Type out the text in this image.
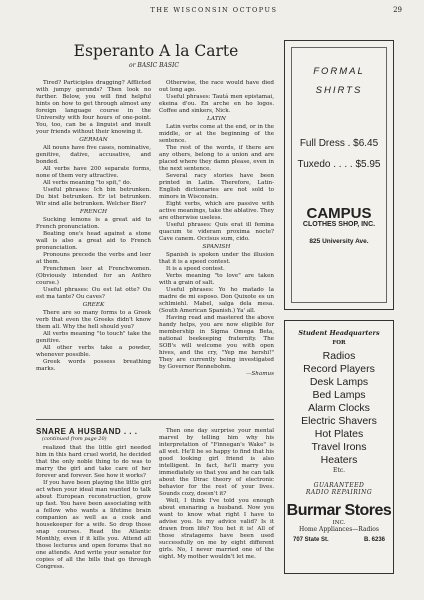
THE WISCONSIN OCTOPUS	29
Esperanto A la Carte
or BASIC BASIC

Tired? Participles dragging? Afflicted with jumpy gerunds? Then look no further. Below, you will find helpful hints on how to get through almost any foreign language course in the University with four hours of one-point. You, too, can be a linguist and insult your friends without their knowing it.

GERMAN

All nouns have five cases, nominative, genitive, dative, accusative, and bonded.

All verbs have 200 separate forms, none of them very attractive.

All verbs meaning "to spit," do.

Useful phrases: Ich bin betrunken. Du bist betrunken. Er ist betrunken. Wir sind alle betrunken. Welcher Bier?

FRENCH

Sucking lemons is a great aid to French pronunciation.

Beating one's head against a stone wall is also a great aid to French pronunciation.

Pronouns precede the verbs and leer at them.

Frenchmen leer at Frenchwomen. (Obviously intended for an Anthro course.)

Useful phrases: Ou est lat otte? Ou est ma tante? Ou caves?

GREEK

There are so many forms to a Greek verb that even the Greeks didn't know them all. Why the hell should you?

All verbs meaning "to touch" take the genitive.

All other verbs take a powder, whenever possible.

Greek words possess breathing marks.

Otherwise, the race would have died out long ago.

Useful phrases: Tautá men epistamai, ekeina d'ou. En arche en ho logos. Coffee and sinkers, Nick.

LATIN

Latin verbs come at the end, or in the middle, or at the beginning of the sentence.

The rest of the words, if there are any others, belong to a union and are placed where they damn please, even in the next sentence.

Several racy stories have been printed in Latin. Therefore, Latin-English dictionaries are not sold to minors in Wisconsin.

Eight verbs, which are passive with active meanings, take the ablative. They are otherwise useless.

Useful phrases: Quis erat ill femina quacum te videram proxima nocte? Cave canem. Occisus sum, cido.

SPANISH

Spanish is spoken under the illusion that it is a speed contest.

It is a speed contest.

Verbs meaning "to love" are taken with a grain of salt.

Useful phrases: Yo ho matado la madre de mi esposo. Don Quixote es un schlmiehl. Mabel, salga dela mesa. (South American Spanish.) Ya' all.

Having read and mastered the above handy helps, you are now eligible for membership in Sigma Omega Beta, national beekeeping fraternity. The SOB's will welcome you with open hives, and the cry, "Yep me hershi!" They are currently being investigated by Governor Rennebohm.

—Shamus

SNARE A HUSBAND . . .
(continued from page 20)

realized that the little girl needed him in this hard cruel world, he decided that the only noble thing to do was to marry the girl and take care of her forever and forever. See how it works?

If you have been playing the little girl act when your ideal man wanted to talk about European reconstruction, grow up fast. You have been associating with a fellow who wants a lifetime brain companion as well as a cook and housekeeper for a wife. So drop those snap courses. Read the Atlantic Monthly, even if it kills you. Attend all those lectures and open forums that no one attends. And write your senator for copies of all the bills that go through Congress.

Then one day surprise your mental marvel by telling him why his interpretation of "Finnegan's Wake" is all wet. He'll be so happy to find that his good looking girl friend is also intelligent. In fact, he'll marry you immediately so that you and he can talk about the Dirac theory of electronic behavior for the rest of your lives. Sounds cozy, doesn't it?

Well, I think I've told you enough about ensnaring a husband. Now you want to know what right I have to advise you. Is my advice valid? Is it drawn from life? You bet it is! All of those stratagems have been used successfully on me by eight different girls. No, I never married one of the eight. My mother wouldn't let me.

FORMAL
SHIRTS
Full Dress . $6.45
Tuxedo . . . . $5.95
CAMPUS
CLOTHES SHOP, INC.
825 University Ave.
Student Headquarters
FOR
Radios
Record Players
Desk Lamps
Bed Lamps
Alarm Clocks
Electric Shavers
Hot Plates
Travel Irons
Heaters
Etc.
GUARANTEED
RADIO REPAIRING
Burmar Stores
INC.
Home Appliances—Radios
707 State St.	B. 6236
